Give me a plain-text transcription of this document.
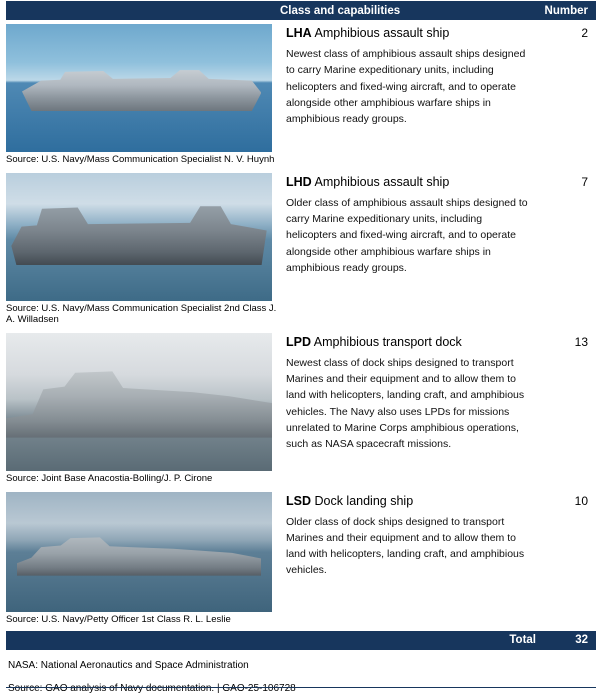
Class and capabilities	Number
Source: U.S. Navy/Mass Communication Specialist N. V. Huynh
LHA Amphibious assault ship
Newest class of amphibious assault ships designed to carry Marine expeditionary units, including helicopters and fixed-wing aircraft, and to operate alongside other amphibious warfare ships in amphibious ready groups.
2
Source: U.S. Navy/Mass Communication Specialist 2nd Class J. A. Willadsen
LHD Amphibious assault ship
Older class of amphibious assault ships designed to carry Marine expeditionary units, including helicopters and fixed-wing aircraft, and to operate alongside other amphibious warfare ships in amphibious ready groups.
7
Source: Joint Base Anacostia-Bolling/J. P. Cirone
LPD Amphibious transport dock
Newest class of dock ships designed to transport Marines and their equipment and to allow them to land with helicopters, landing craft, and amphibious vehicles. The Navy also uses LPDs for missions unrelated to Marine Corps amphibious operations, such as NASA spacecraft missions.
13
Source: U.S. Navy/Petty Officer 1st Class R. L. Leslie
LSD Dock landing ship
Older class of dock ships designed to transport Marines and their equipment and to allow them to land with helicopters, landing craft, and amphibious vehicles.
10
Total	32
NASA: National Aeronautics and Space Administration
Source: GAO analysis of Navy documentation. | GAO-25-106728
